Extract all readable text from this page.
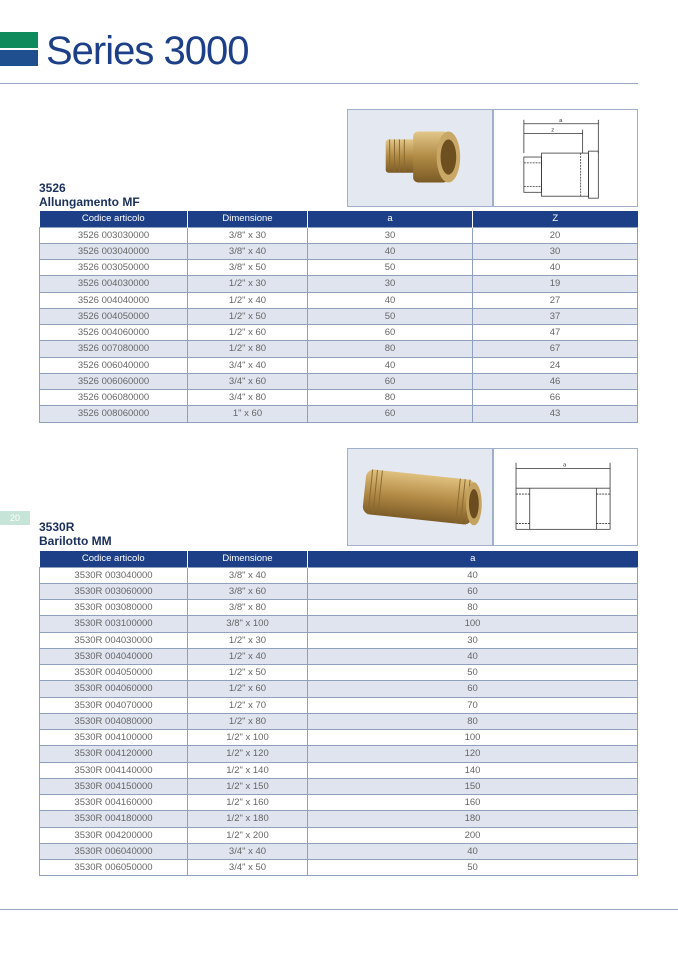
Series 3000
20
a
z
3526
Allungamento MF
Codice articolo	Dimensione	a	Z
3526 003030000	3/8" x 30	30	20
3526 003040000	3/8" x 40	40	30
3526 003050000	3/8" x 50	50	40
3526 004030000	1/2" x 30	30	19
3526 004040000	1/2" x 40	40	27
3526 004050000	1/2" x 50	50	37
3526 004060000	1/2" x 60	60	47
3526 007080000	1/2" x 80	80	67
3526 006040000	3/4" x 40	40	24
3526 006060000	3/4" x 60	60	46
3526 006080000	3/4" x 80	80	66
3526 008060000	1" x 60	60	43
a
3530R
Barilotto MM
Codice articolo	Dimensione	a
3530R 003040000	3/8" x 40	40
3530R 003060000	3/8" x 60	60
3530R 003080000	3/8" x 80	80
3530R 003100000	3/8" x 100	100
3530R 004030000	1/2" x 30	30
3530R 004040000	1/2" x 40	40
3530R 004050000	1/2" x 50	50
3530R 004060000	1/2" x 60	60
3530R 004070000	1/2" x 70	70
3530R 004080000	1/2" x 80	80
3530R 004100000	1/2" x 100	100
3530R 004120000	1/2" x 120	120
3530R 004140000	1/2" x 140	140
3530R 004150000	1/2" x 150	150
3530R 004160000	1/2" x 160	160
3530R 004180000	1/2" x 180	180
3530R 004200000	1/2" x 200	200
3530R 006040000	3/4" x 40	40
3530R 006050000	3/4" x 50	50
